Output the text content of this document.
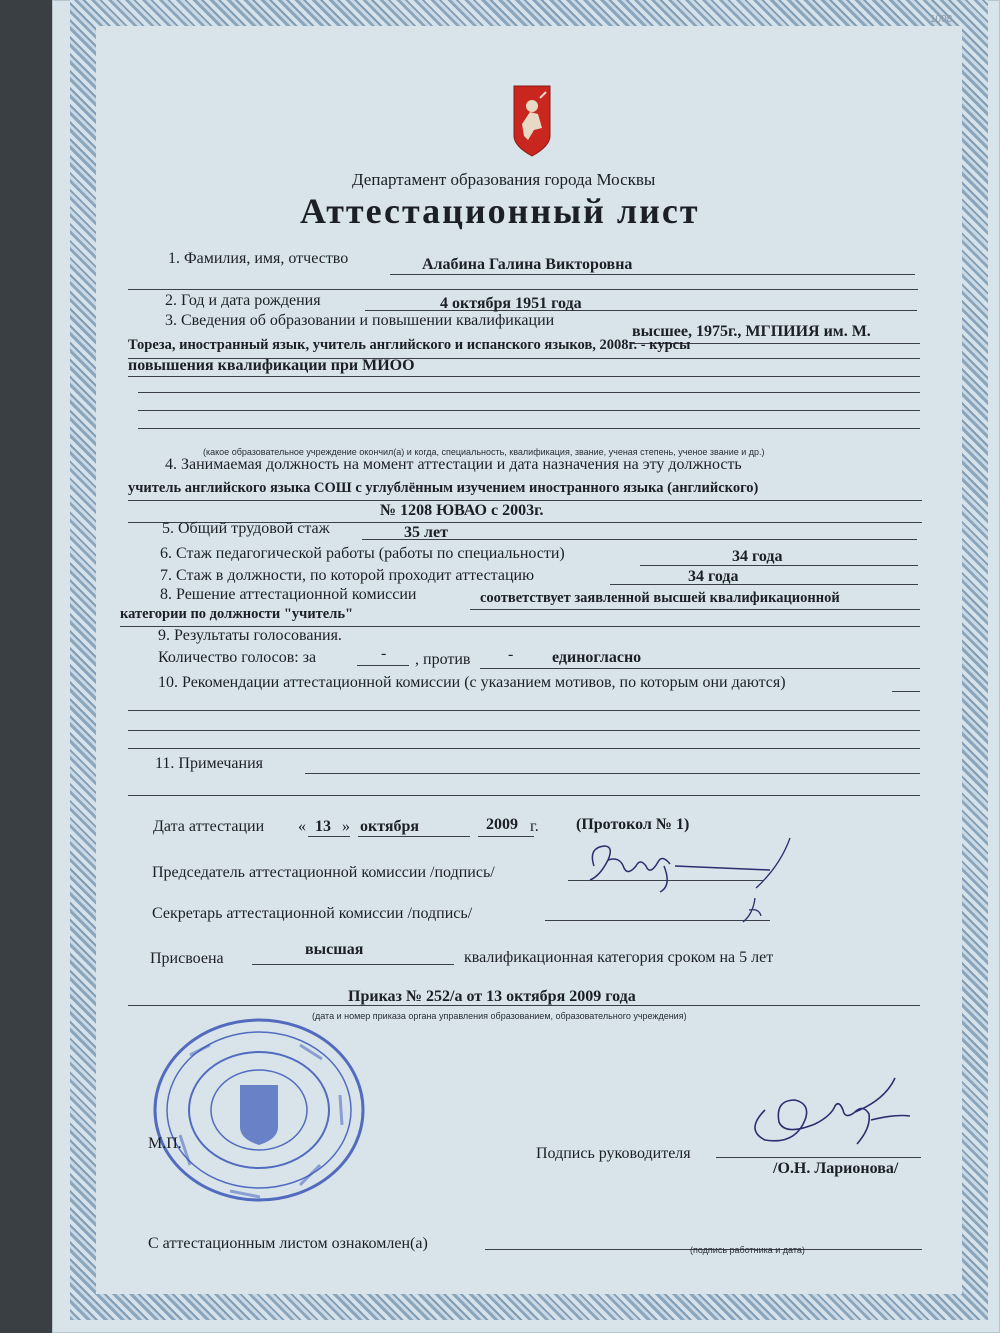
1008
Департамент образования города Москвы
Аттестационный лист
1. Фамилия, имя, отчество	Алабина Галина Викторовна
2. Год и дата рождения	4 октября 1951 года
3. Сведения об образовании и повышении квалификации
высшее, 1975г., МГПИИЯ им. М.
Тореза, иностранный язык, учитель английского и испанского языков, 2008г. - курсы
повышения квалификации при МИОО
(какое образовательное учреждение окончил(а) и когда, специальность, квалификация, звание, ученая степень, ученое звание и др.)
4. Занимаемая должность на момент аттестации и дата назначения на эту должность
учитель английского языка СОШ с углублённым изучением иностранного языка (английского)
№ 1208 ЮВАО с 2003г.
5. Общий трудовой стаж	35 лет
6. Стаж педагогической работы (работы по специальности)	34 года
7. Стаж в должности, по которой проходит аттестацию	34 года
8. Решение аттестационной комиссии	соответствует заявленной высшей квалификационной
категории по должности "учитель"
9. Результаты голосования.
Количество голосов: за	- , против - единогласно
10. Рекомендации аттестационной комиссии (с указанием мотивов, по которым они даются)
11. Примечания
Дата аттестации « 13 » октября	2009 г. (Протокол № 1)
Председатель аттестационной комиссии /подпись/
Секретарь аттестационной комиссии /подпись/
Присвоена
высшая	квалификационная категория сроком на 5 лет
Приказ № 252/а от 13 октября 2009 года
(дата и номер приказа органа управления образованием, образовательного учреждения)
М.П.
Подпись руководителя
/О.Н. Ларионова/
С аттестационным листом ознакомлен(а)	(подпись работника и дата)
